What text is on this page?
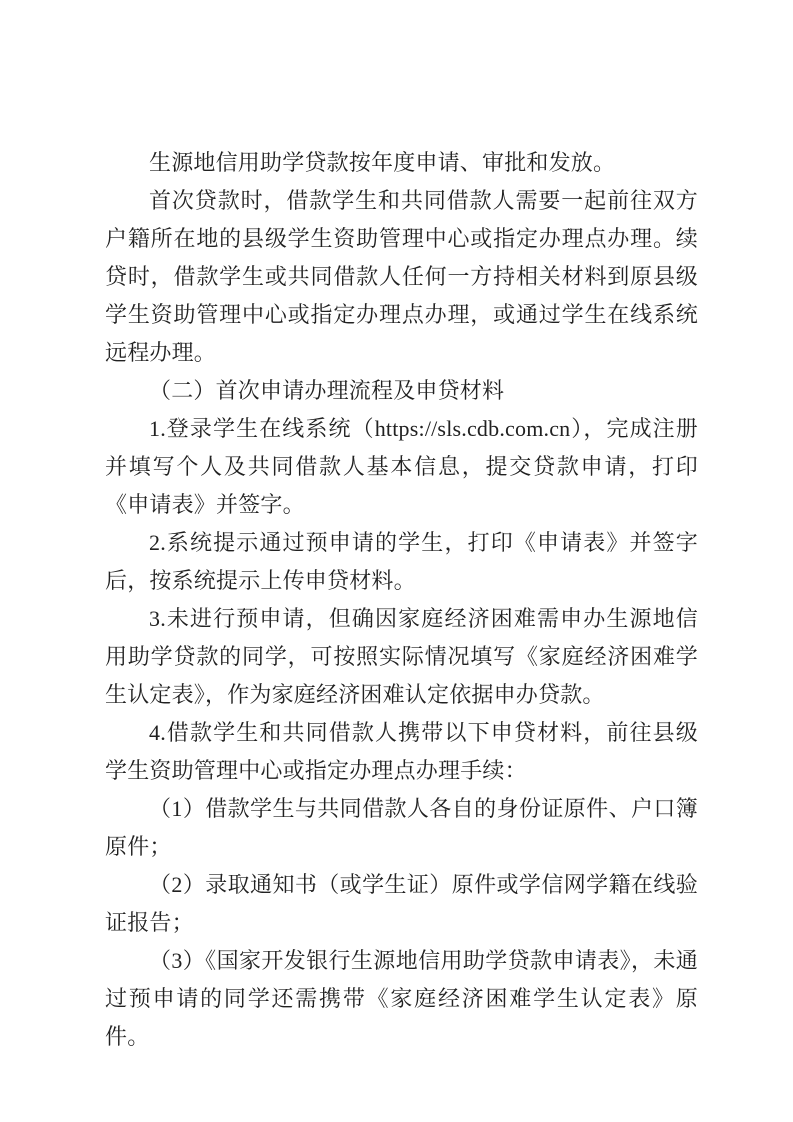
生源地信用助学贷款按年度申请、审批和发放。

首次贷款时，借款学生和共同借款人需要一起前往双方户籍所在地的县级学生资助管理中心或指定办理点办理。续贷时，借款学生或共同借款人任何一方持相关材料到原县级学生资助管理中心或指定办理点办理，或通过学生在线系统远程办理。

（二）首次申请办理流程及申贷材料

1.登录学生在线系统（https://sls.cdb.com.cn），完成注册并填写个人及共同借款人基本信息，提交贷款申请，打印《申请表》并签字。

2.系统提示通过预申请的学生，打印《申请表》并签字后，按系统提示上传申贷材料。

3.未进行预申请，但确因家庭经济困难需申办生源地信用助学贷款的同学，可按照实际情况填写《家庭经济困难学生认定表》，作为家庭经济困难认定依据申办贷款。

4.借款学生和共同借款人携带以下申贷材料，前往县级学生资助管理中心或指定办理点办理手续：

（1）借款学生与共同借款人各自的身份证原件、户口簿原件；

（2）录取通知书（或学生证）原件或学信网学籍在线验证报告；

（3）《国家开发银行生源地信用助学贷款申请表》，未通过预申请的同学还需携带《家庭经济困难学生认定表》原件。
